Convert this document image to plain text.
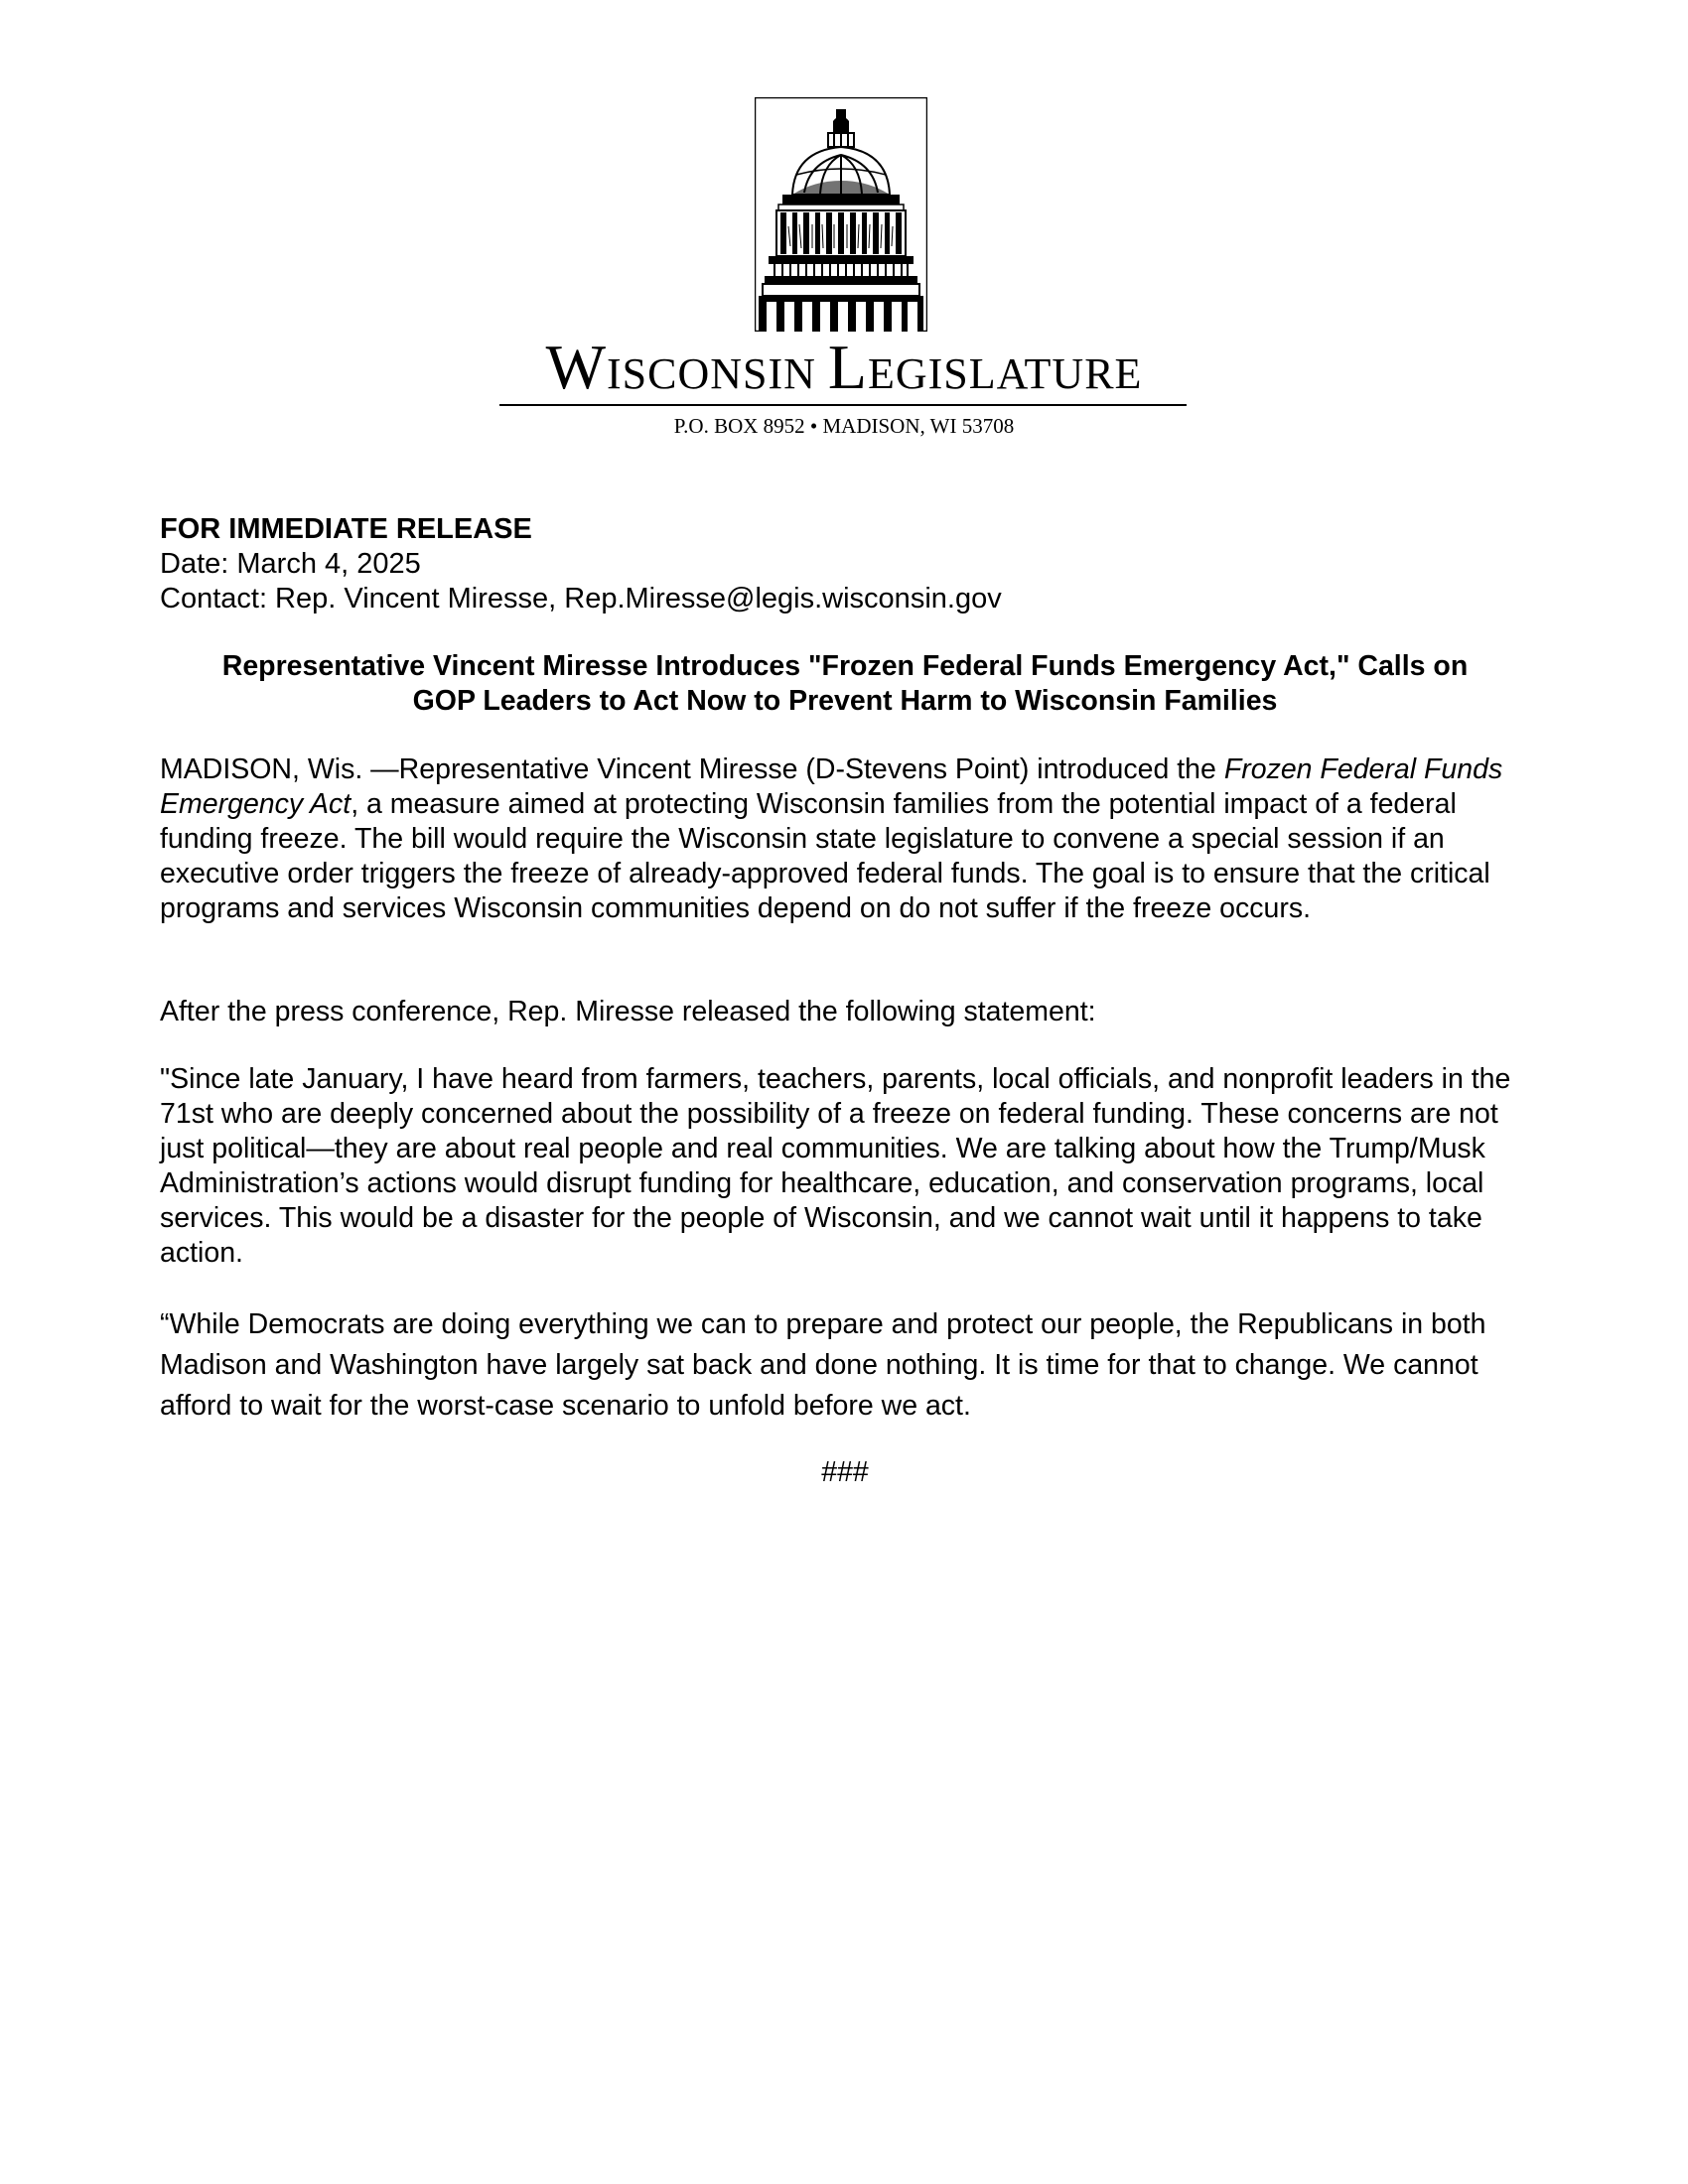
WISCONSIN LEGISLATURE
P.O. BOX 8952 • MADISON, WI 53708
FOR IMMEDIATE RELEASE
Date: March 4, 2025
Contact: Rep. Vincent Miresse, Rep.Miresse@legis.wisconsin.gov
Representative Vincent Miresse Introduces "Frozen Federal Funds Emergency Act," Calls on
GOP Leaders to Act Now to Prevent Harm to Wisconsin Families
MADISON, Wis. —Representative Vincent Miresse (D-Stevens Point) introduced the Frozen Federal Funds Emergency Act, a measure aimed at protecting Wisconsin families from the potential impact of a federal funding freeze. The bill would require the Wisconsin state legislature to convene a special session if an executive order triggers the freeze of already-approved federal funds. The goal is to ensure that the critical programs and services Wisconsin communities depend on do not suffer if the freeze occurs.
After the press conference, Rep. Miresse released the following statement:
"Since late January, I have heard from farmers, teachers, parents, local officials, and nonprofit leaders in the 71st who are deeply concerned about the possibility of a freeze on federal funding. These concerns are not just political—they are about real people and real communities. We are talking about how the Trump/Musk Administration’s actions would disrupt funding for healthcare, education, and conservation programs, local services. This would be a disaster for the people of Wisconsin, and we cannot wait until it happens to take action.
“While Democrats are doing everything we can to prepare and protect our people, the Republicans in both Madison and Washington have largely sat back and done nothing. It is time for that to change. We cannot afford to wait for the worst-case scenario to unfold before we act.
###
